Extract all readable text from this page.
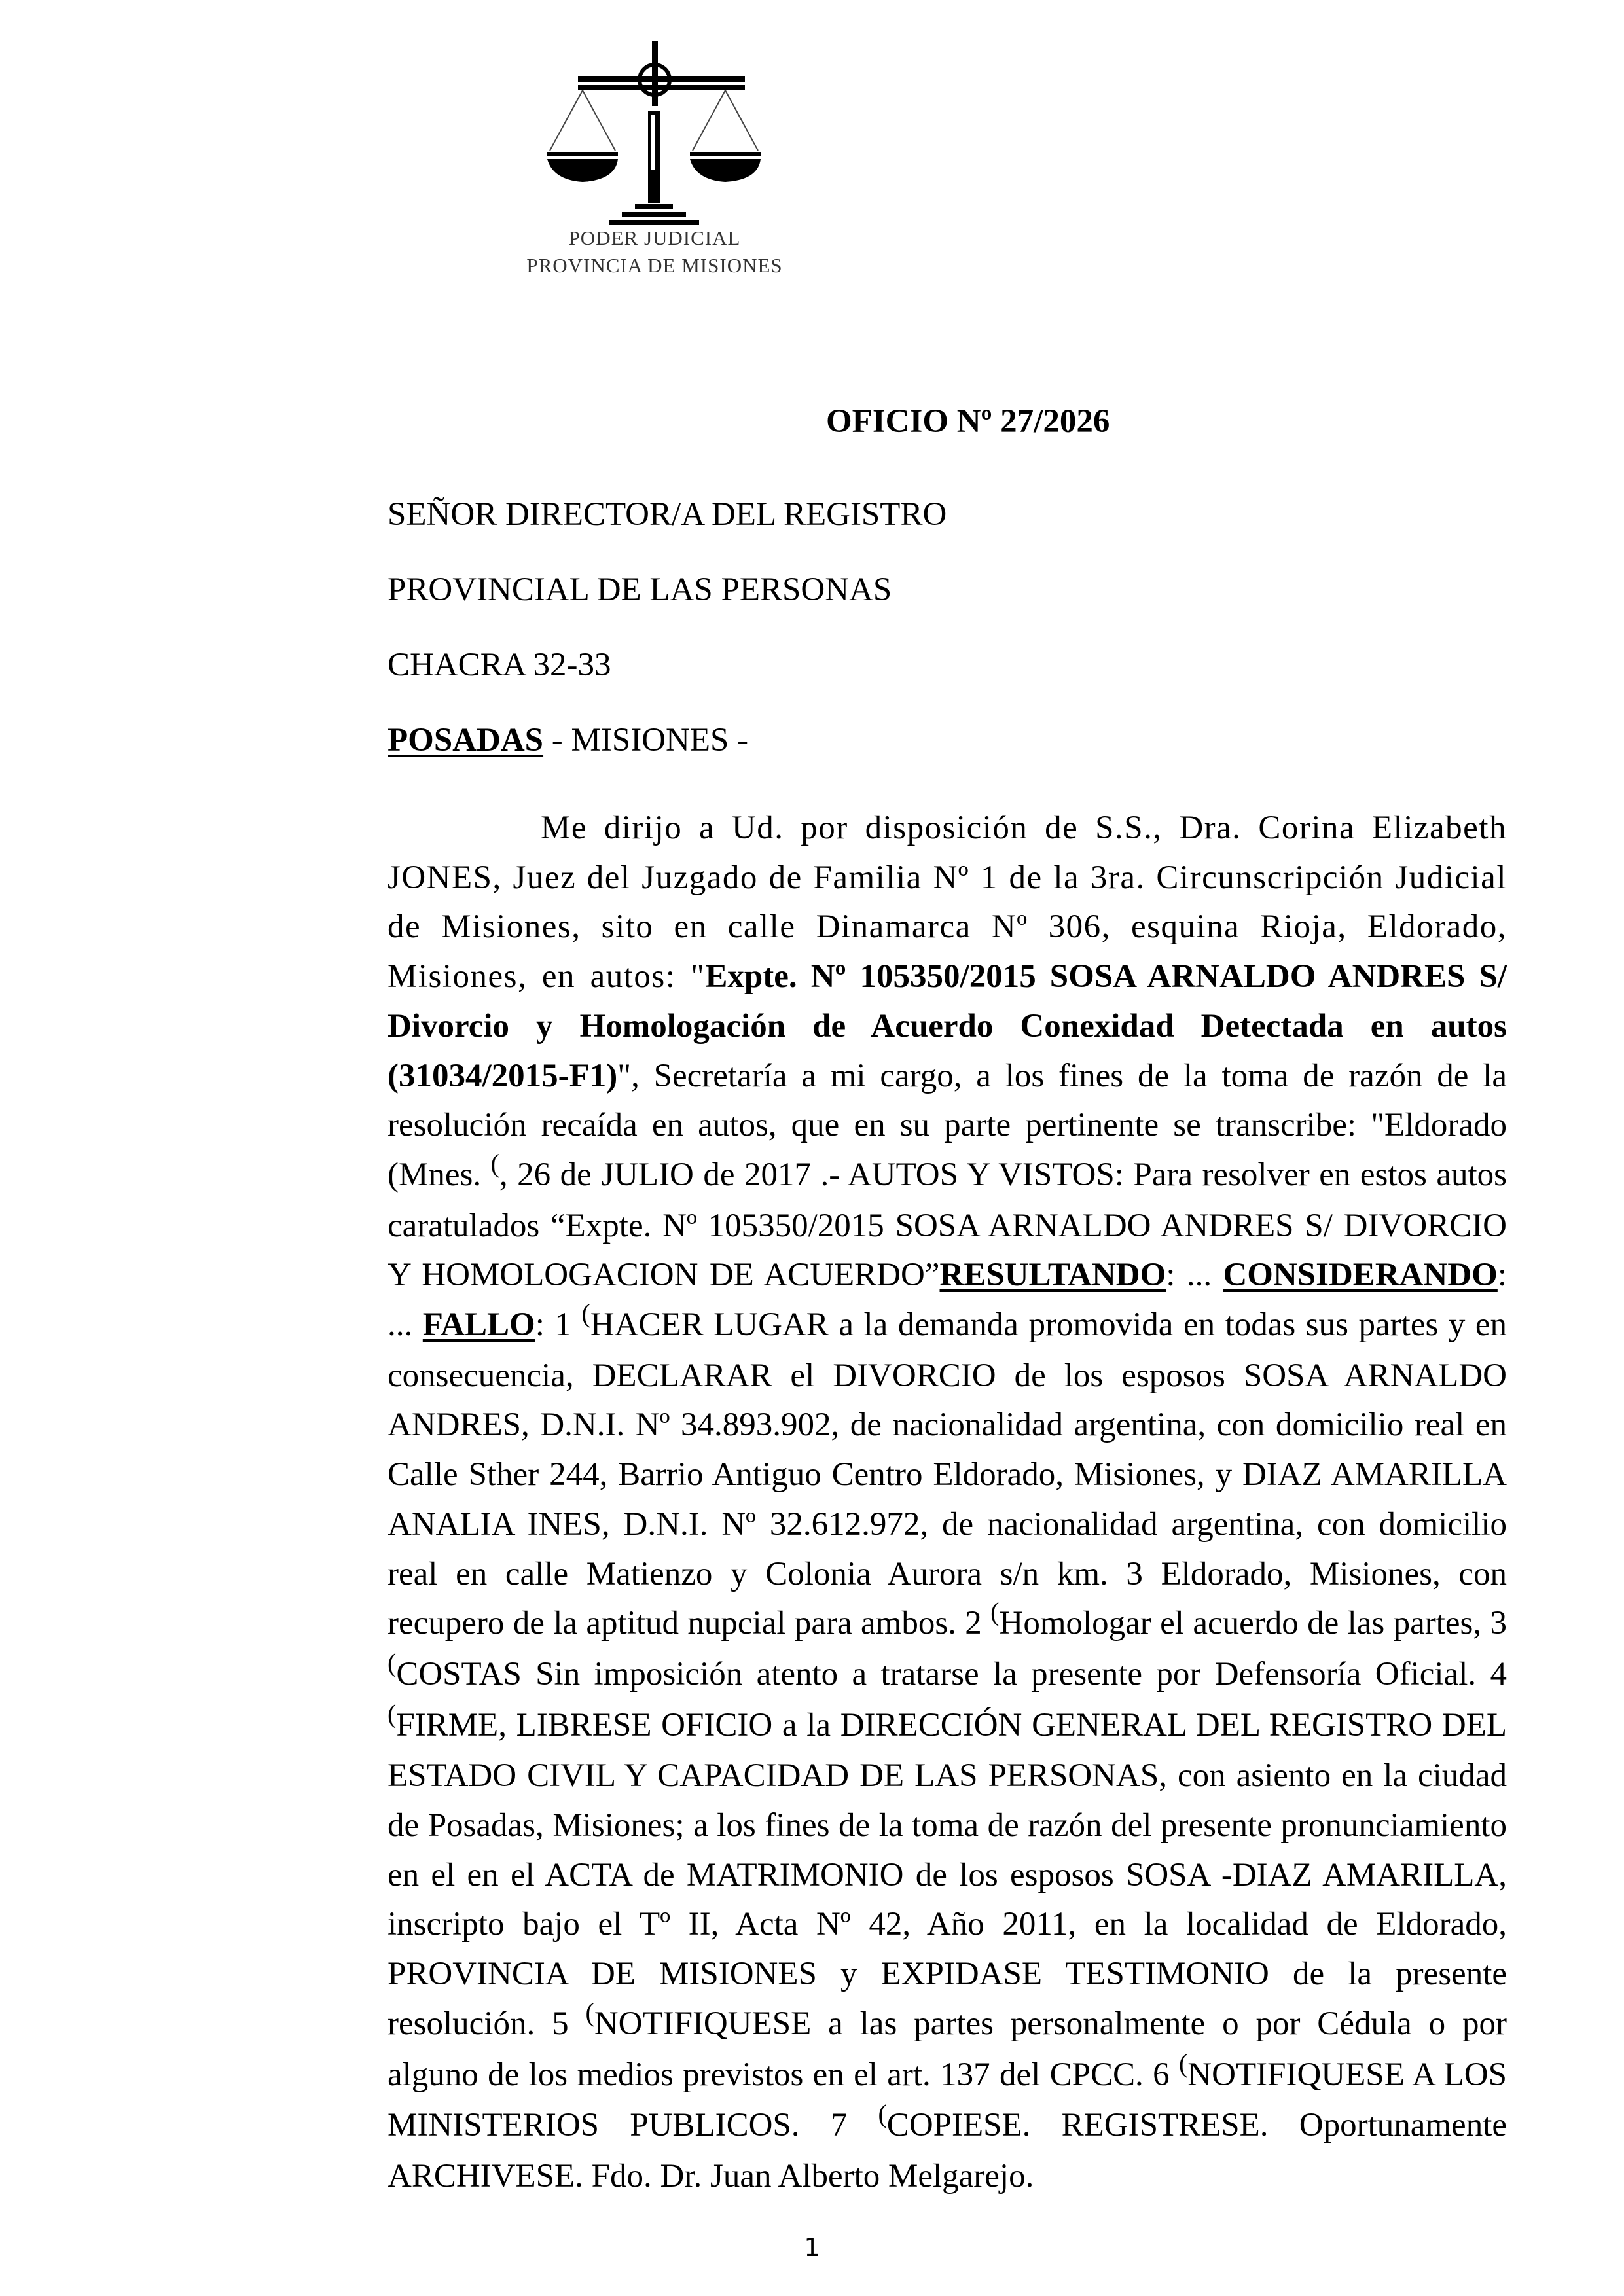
PODER JUDICIAL
PROVINCIA DE MISIONES
OFICIO Nº 27/2026
SEÑOR DIRECTOR/A DEL REGISTRO
PROVINCIAL DE LAS PERSONAS
CHACRA 32-33
POSADAS - MISIONES -
Me dirijo a Ud. por disposición de S.S., Dra. Corina Elizabeth JONES, Juez del Juzgado de Familia Nº 1 de la 3ra. Circunscripción Judicial de Misiones, sito en calle Dinamarca Nº 306, esquina Rioja, Eldorado, Misiones, en autos: "Expte. Nº 105350/2015 SOSA ARNALDO ANDRES S/ Divorcio y Homologación de Acuerdo Conexidad Detectada en autos (31034/2015-F1)", Secretaría a mi cargo, a los fines de la toma de razón de la resolución recaída en autos, que en su parte pertinente se transcribe: "Eldorado (Mnes. (, 26 de JULIO de 2017 .- AUTOS Y VISTOS: Para resolver en estos autos caratulados “Expte. Nº 105350/2015 SOSA ARNALDO ANDRES S/ DIVORCIO Y HOMOLOGACION DE ACUERDO”RESULTANDO: ... CONSIDERANDO: ... FALLO: 1 (HACER LUGAR a la demanda promovida en todas sus partes y en consecuencia, DECLARAR el DIVORCIO de los esposos SOSA ARNALDO ANDRES, D.N.I. Nº 34.893.902, de nacionalidad argentina, con domicilio real en Calle Sther 244, Barrio Antiguo Centro Eldorado, Misiones, y DIAZ AMARILLA ANALIA INES, D.N.I. Nº 32.612.972, de nacionalidad argentina, con domicilio real en calle Matienzo y Colonia Aurora s/n km. 3 Eldorado, Misiones, con recupero de la aptitud nupcial para ambos. 2 (Homologar el acuerdo de las partes, 3 (COSTAS Sin imposición atento a tratarse la presente por Defensoría Oficial. 4 (FIRME, LIBRESE OFICIO a la DIRECCIÓN GENERAL DEL REGISTRO DEL ESTADO CIVIL Y CAPACIDAD DE LAS PERSONAS, con asiento en la ciudad de Posadas, Misiones; a los fines de la toma de razón del presente pronunciamiento en el en el ACTA de MATRIMONIO de los esposos SOSA -DIAZ AMARILLA, inscripto bajo el Tº II, Acta Nº 42, Año 2011, en la localidad de Eldorado, PROVINCIA DE MISIONES y EXPIDASE TESTIMONIO de la presente resolución. 5 (NOTIFIQUESE a las partes personalmente o por Cédula o por alguno de los medios previstos en el art. 137 del CPCC. 6 (NOTIFIQUESE A LOS MINISTERIOS PUBLICOS. 7 (COPIESE. REGISTRESE. Oportunamente ARCHIVESE. Fdo. Dr. Juan Alberto Melgarejo.
1
